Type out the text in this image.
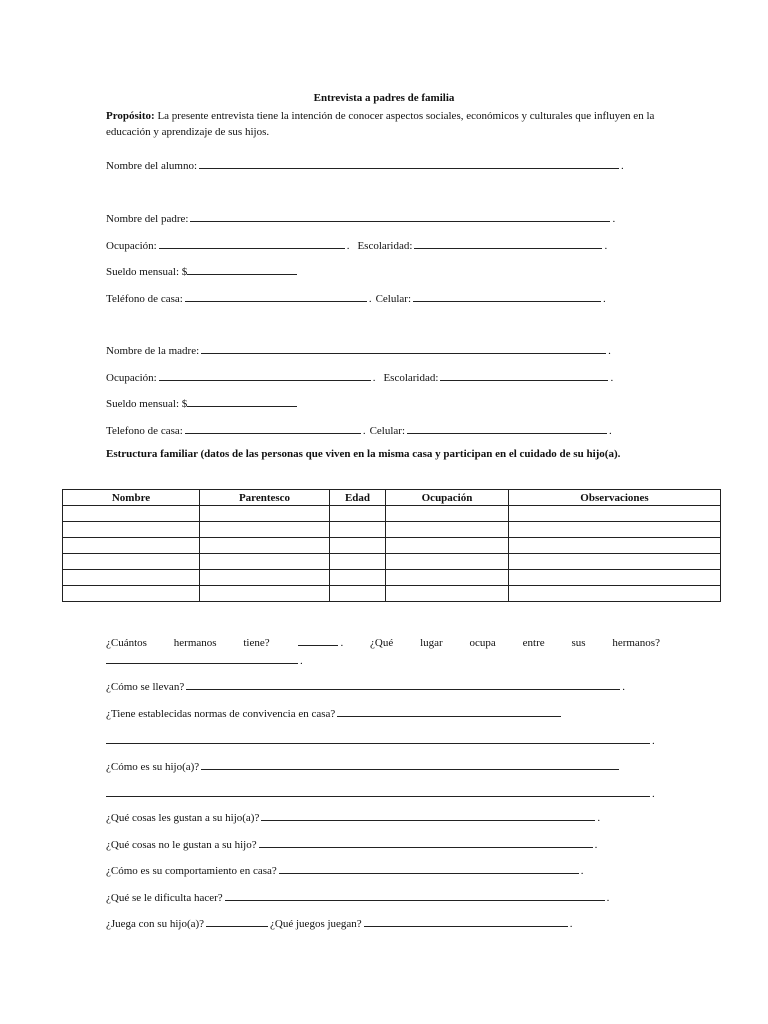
Entrevista a padres de familia
Propósito: La presente entrevista tiene la intención de conocer aspectos sociales, económicos y culturales que influyen en la educación y aprendizaje de sus hijos.
Nombre del alumno:	.
Nombre del padre:	.
Ocupación:	. Escolaridad:	.
Sueldo mensual: $
Teléfono de casa:	. Celular:	.
Nombre de la madre:	.
Ocupación:	. Escolaridad:	.
Sueldo mensual: $
Telefono de casa:	. Celular:	.
Estructura familiar (datos de las personas que viven en la misma casa y participan en el cuidado de su hijo(a).
Nombre	Parentesco	Edad	Ocupación	Observaciones

¿Cuántos hermanos tiene?	. ¿Qué lugar ocupa entre sus hermanos?
.
¿Cómo se llevan?	.
¿Tiene establecidas normas de convivencia en casa?
.
¿Cómo es su hijo(a)?
.
¿Qué cosas les gustan a su hijo(a)?	.
¿Qué cosas no le gustan a su hijo?	.
¿Cómo es su comportamiento en casa?	.
¿Qué se le dificulta hacer?	.
¿Juega con su hijo(a)?	¿Qué juegos juegan?	.
